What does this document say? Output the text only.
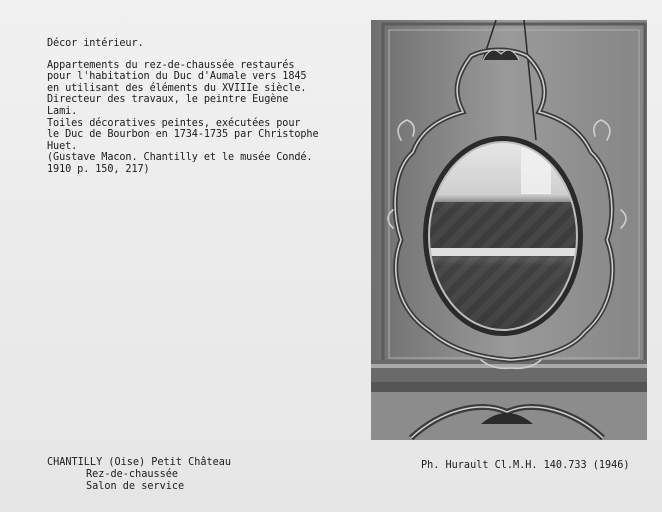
Décor intérieur.
Appartements du rez-de-chaussée restaurés
pour l'habitation du Duc d'Aumale vers 1845
en utilisant des éléments du XVIIIe siècle.
Directeur des travaux, le peintre Eugène
Lami.
Toiles décoratives peintes, exécutées pour
le Duc de Bourbon en 1734-1735 par Christophe
Huet.
(Gustave Macon. Chantilly et le musée Condé.
1910 p. 150, 217)
CHANTILLY (Oise) Petit Château
Rez-de-chaussée
Salon de service
Ph. Hurault Cl.M.H. 140.733 (1946)
